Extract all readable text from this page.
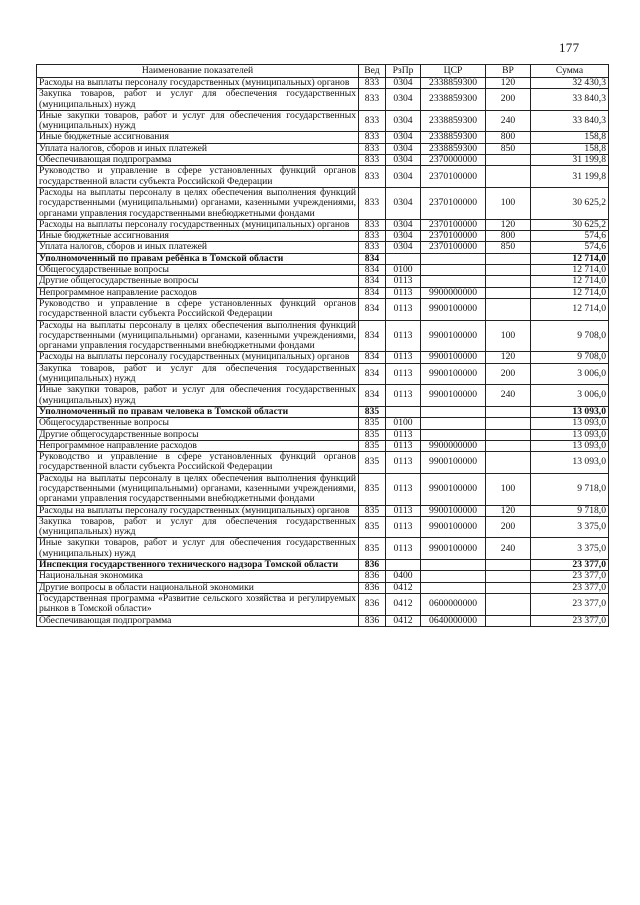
177
Наименование показателей	Вед	РзПр	ЦСР	ВР	Сумма
Расходы на выплаты персоналу государственных (муниципальных) органов	833	0304	2338859300	120	32 430,3
Закупка товаров, работ и услуг для обеспечения государственных (муниципальных) нужд	833	0304	2338859300	200	33 840,3
Иные закупки товаров, работ и услуг для обеспечения государственных (муниципальных) нужд	833	0304	2338859300	240	33 840,3
Иные бюджетные ассигнования	833	0304	2338859300	800	158,8
Уплата налогов, сборов и иных платежей	833	0304	2338859300	850	158,8
Обеспечивающая подпрограмма	833	0304	2370000000		31 199,8
Руководство и управление в сфере установленных функций органов государственной власти субъекта Российской Федерации	833	0304	2370100000		31 199,8
Расходы на выплаты персоналу в целях обеспечения выполнения функций государственными (муниципальными) органами, казенными учреждениями, органами управления государственными внебюджетными фондами	833	0304	2370100000	100	30 625,2
Расходы на выплаты персоналу государственных (муниципальных) органов	833	0304	2370100000	120	30 625,2
Иные бюджетные ассигнования	833	0304	2370100000	800	574,6
Уплата налогов, сборов и иных платежей	833	0304	2370100000	850	574,6
Уполномоченный по правам ребёнка в Томской области	834				12 714,0
Общегосударственные вопросы	834	0100			12 714,0
Другие общегосударственные вопросы	834	0113			12 714,0
Непрограммное направление расходов	834	0113	9900000000		12 714,0
Руководство и управление в сфере установленных функций органов государственной власти субъекта Российской Федерации	834	0113	9900100000		12 714,0
Расходы на выплаты персоналу в целях обеспечения выполнения функций государственными (муниципальными) органами, казенными учреждениями, органами управления государственными внебюджетными фондами	834	0113	9900100000	100	9 708,0
Расходы на выплаты персоналу государственных (муниципальных) органов	834	0113	9900100000	120	9 708,0
Закупка товаров, работ и услуг для обеспечения государственных (муниципальных) нужд	834	0113	9900100000	200	3 006,0
Иные закупки товаров, работ и услуг для обеспечения государственных (муниципальных) нужд	834	0113	9900100000	240	3 006,0
Уполномоченный по правам человека в Томской области	835				13 093,0
Общегосударственные вопросы	835	0100			13 093,0
Другие общегосударственные вопросы	835	0113			13 093,0
Непрограммное направление расходов	835	0113	9900000000		13 093,0
Руководство и управление в сфере установленных функций органов государственной власти субъекта Российской Федерации	835	0113	9900100000		13 093,0
Расходы на выплаты персоналу в целях обеспечения выполнения функций государственными (муниципальными) органами, казенными учреждениями, органами управления государственными внебюджетными фондами	835	0113	9900100000	100	9 718,0
Расходы на выплаты персоналу государственных (муниципальных) органов	835	0113	9900100000	120	9 718,0
Закупка товаров, работ и услуг для обеспечения государственных (муниципальных) нужд	835	0113	9900100000	200	3 375,0
Иные закупки товаров, работ и услуг для обеспечения государственных (муниципальных) нужд	835	0113	9900100000	240	3 375,0
Инспекция государственного технического надзора Томской области	836				23 377,0
Национальная экономика	836	0400			23 377,0
Другие вопросы в области национальной экономики	836	0412			23 377,0
Государственная программа «Развитие сельского хозяйства и регулируемых рынков в Томской области»	836	0412	0600000000		23 377,0
Обеспечивающая подпрограмма	836	0412	0640000000		23 377,0
